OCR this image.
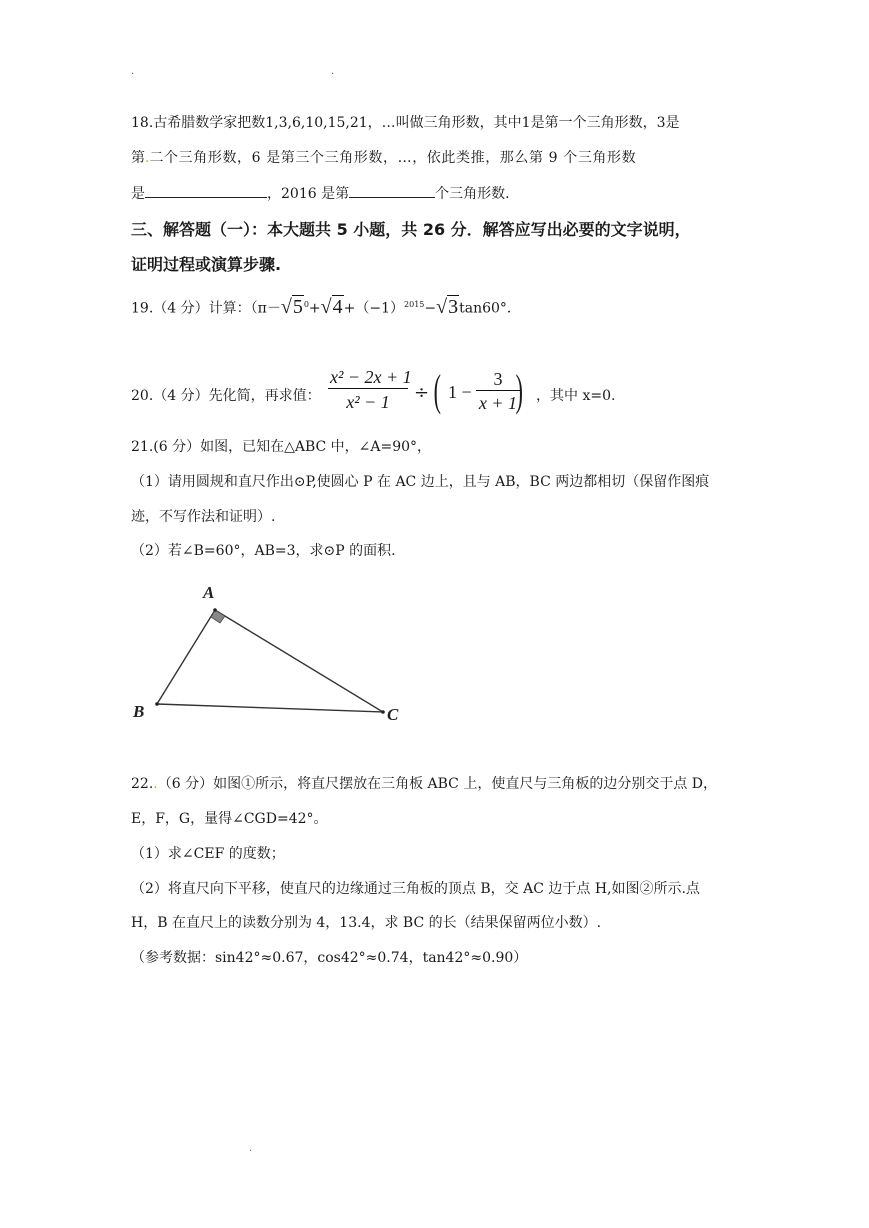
.	.
18.古希腊数学家把数1,3,6,10,15,21，…叫做三角形数，其中1是第一个三角形数，3是
第.二个三角形数，6 是第三个三角形数，…，依此类推，那么第 9 个三角形数
是	，2016 是第	个三角形数.
三、解答题（一）：本大题共 5 小题，共 26 分．解答应写出必要的文字说明，
证明过程或演算步骤.
19.（4 分）计算：（π－ √ $5^0+$ √ $4+(-1)^{2015}-$ √ 3tan60°．
20.（4 分）先化简，再求值： $\frac{\text{x² − 2x + 1}}{\text{x² − 1}}$ ÷ ( $1 - \frac{3}{x + 1}$
) ，其中 x=0.
21.(6 分）如图，已知在△ABC 中，∠A=90°，
（1）请用圆规和直尺作出⊙P,使圆心 P 在 AC 边上，且与 AB，BC 两边都相切（保留作图痕
迹，不写作法和证明）.
（2）若∠B=60°，AB=3，求⊙P 的面积.
A
B	C
22..（6 分）如图①所示，将直尺摆放在三角板 ABC 上，使直尺与三角板的边分别交于点 D，
E，F，G，量得∠CGD=42°。
（1）求∠CEF 的度数；
（2）将直尺向下平移，使直尺的边缘通过三角板的顶点 B，交 AC 边于点 H,如图②所示.点
H，B 在直尺上的读数分别为 4，13.4，求 BC 的长（结果保留两位小数）.
（参考数据：sin42°≈0.67，cos42°≈0.74，tan42°≈0.90）
.
